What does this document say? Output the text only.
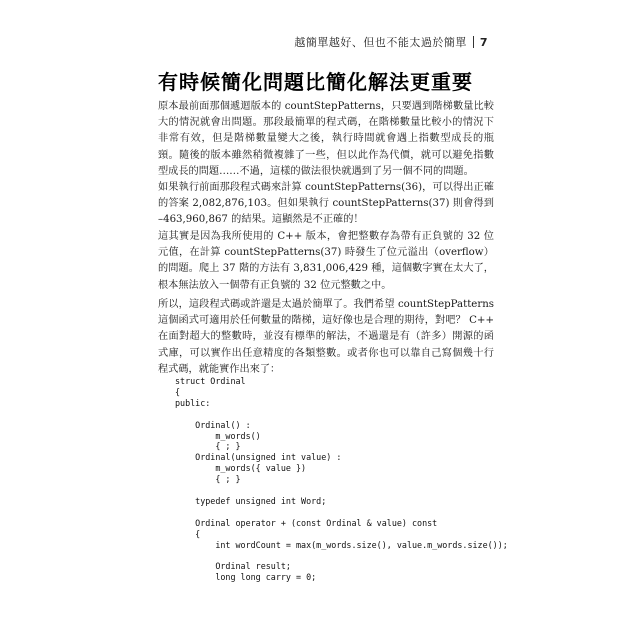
越簡單越好、但也不能太過於簡單 7
有時候簡化問題比簡化解法更重要
原本最前面那個遞迴版本的 countStepPatterns，只要遇到階梯數量比較大的情況就會出問題。那段最簡單的程式碼，在階梯數量比較小的情況下非常有效，但是階梯數量變大之後，執行時間就會遇上指數型成長的瓶頸。隨後的版本雖然稍微複雜了一些，但以此作為代價，就可以避免指數型成長的問題……不過，這樣的做法很快就遇到了另一個不同的問題。
如果執行前面那段程式碼來計算 countStepPatterns(36)，可以得出正確的答案 2,082,876,103。但如果執行 countStepPatterns(37) 則會得到 –463,960,867 的結果。這顯然是不正確的！
這其實是因為我所使用的 C++ 版本，會把整數存為帶有正負號的 32 位元值，在計算 countStepPatterns(37) 時發生了位元溢出（overflow）的問題。爬上 37 階的方法有 3,831,006,429 種，這個數字實在太大了，根本無法放入一個帶有正負號的 32 位元整數之中。
所以，這段程式碼或許還是太過於簡單了。我們希望 countStepPatterns 這個函式可適用於任何數量的階梯，這好像也是合理的期待，對吧？ C++ 在面對超大的整數時，並沒有標準的解法，不過還是有（許多）開源的函式庫，可以實作出任意精度的各類整數。或者你也可以靠自己寫個幾十行程式碼，就能實作出來了：
struct Ordinal
{
public:

Ordinal() :
m_words()
{ ; }
Ordinal(unsigned int value) :
m_words({ value })
{ ; }

typedef unsigned int Word;

Ordinal operator + (const Ordinal & value) const
{
int wordCount = max(m_words.size(), value.m_words.size());

Ordinal result;
long long carry = 0;
